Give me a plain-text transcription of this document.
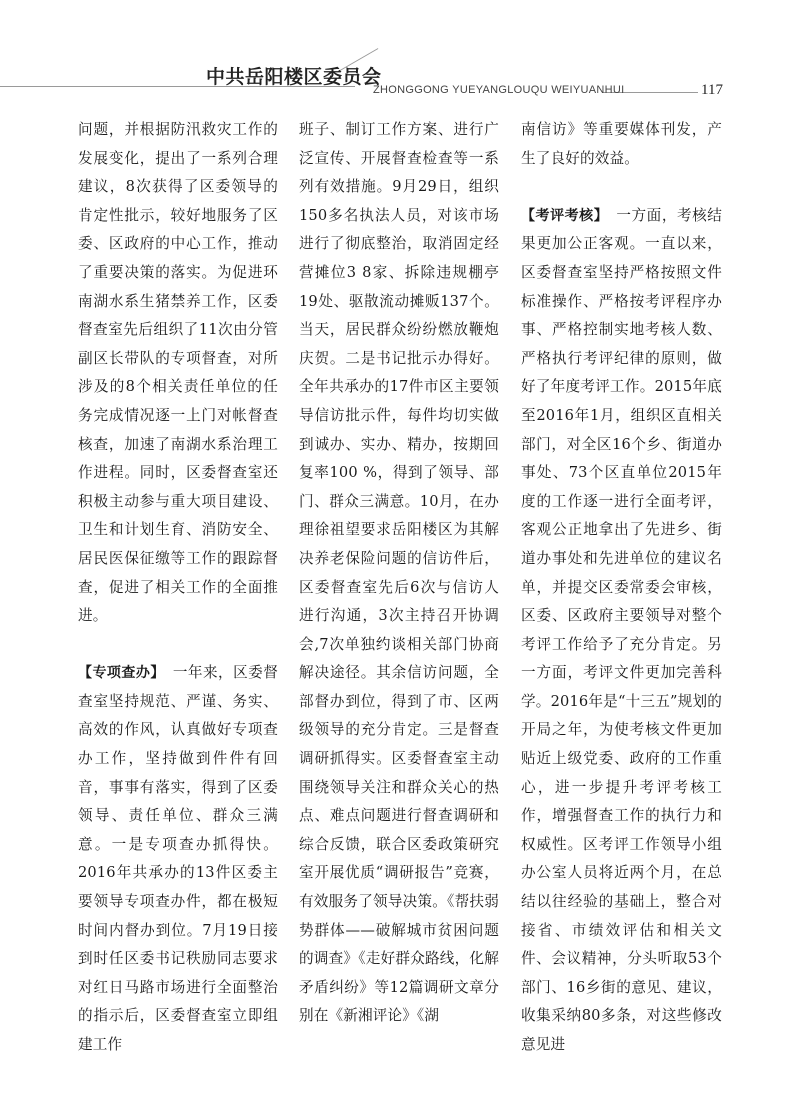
中共岳阳楼区委员会
ZHONGGONG YUEYANGLOUQU WEIYUANHUI	117

问题，并根据防汛救灾工作的发展变化，提出了一系列合理建议，8次获得了区委领导的肯定性批示，较好地服务了区委、区政府的中心工作，推动了重要决策的落实。为促进环南湖水系生猪禁养工作，区委督查室先后组织了11次由分管副区长带队的专项督查，对所涉及的8个相关责任单位的任务完成情况逐一上门对帐督查核查，加速了南湖水系治理工作进程。同时，区委督查室还积极主动参与重大项目建设、卫生和计划生育、消防安全、居民医保征缴等工作的跟踪督查，促进了相关工作的全面推进。

【专项查办】　 一年来，区委督查室坚持规范、严谨、务实、高效的作风，认真做好专项查办工作，坚持做到件件有回音，事事有落实，得到了区委领导、责任单位、群众三满意。一是专项查办抓得快。2016年共承办的13件区委主要领导专项查办件，都在极短时间内督办到位。7月19日接到时任区委书记秩励同志要求对红日马路市场进行全面整治的指示后，区委督查室立即组建工作

班子、制订工作方案、进行广泛宣传、开展督查检查等一系列有效措施。9月29日，组织150多名执法人员，对该市场进行了彻底整治，取消固定经营摊位3 8家、拆除违规棚亭19处、驱散流动摊贩137个。当天，居民群众纷纷燃放鞭炮庆贺。二是书记批示办得好。全年共承办的17件市区主要领导信访批示件，每件均切实做到诚办、实办、精办，按期回复率100 %，得到了领导、部门、群众三满意。10月，在办理徐祖望要求岳阳楼区为其解决养老保险问题的信访件后，区委督查室先后6次与信访人进行沟通，3次主持召开协调会,7次单独约谈相关部门协商解决途径。其余信访问题，全部督办到位，得到了市、区两级领导的充分肯定。三是督查调研抓得实。区委督查室主动围绕领导关注和群众关心的热点、难点问题进行督查调研和综合反馈，联合区委政策研究室开展优质“调研报告”竞赛，有效服务了领导决策。《帮扶弱势群体——破解城市贫困问题的调查》《走好群众路线，化解矛盾纠纷》等12篇调研文章分别在《新湘评论》《湖

南信访》等重要媒体刊发，产生了良好的效益。

【考评考核】　 一方面，考核结果更加公正客观。一直以来，区委督查室坚持严格按照文件标准操作、严格按考评程序办事、严格控制实地考核人数、严格执行考评纪律的原则，做好了年度考评工作。2015年底至2016年1月，组织区直相关部门，对全区16个乡、街道办事处、73个区直单位2015年度的工作逐一进行全面考评，客观公正地拿出了先进乡、街道办事处和先进单位的建议名单，并提交区委常委会审核，区委、区政府主要领导对整个考评工作给予了充分肯定。另一方面，考评文件更加完善科学。2016年是“十三五”规划的开局之年，为使考核文件更加贴近上级党委、政府的工作重心，进一步提升考评考核工作，增强督查工作的执行力和权威性。区考评工作领导小组办公室人员将近两个月，在总结以往经验的基础上，整合对接省、市绩效评估和相关文件、会议精神，分头听取53个部门、16乡街的意见、建议，收集采纳80多条，对这些修改意见进
